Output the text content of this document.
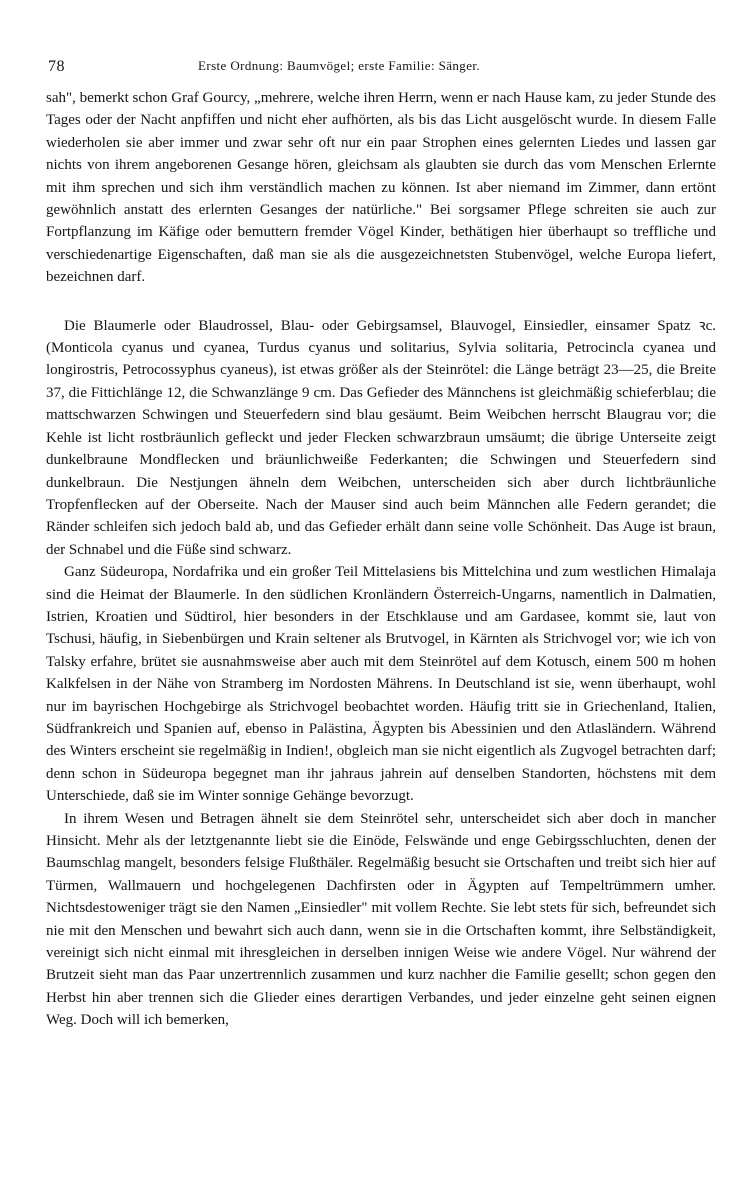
78	Erste Ordnung: Baumvögel; erste Familie: Sänger.

sah", bemerkt schon Graf Gourcy, „mehrere, welche ihren Herrn, wenn er nach Hause kam, zu jeder Stunde des Tages oder der Nacht anpfiffen und nicht eher aufhörten, als bis das Licht ausgelöscht wurde. In diesem Falle wiederholen sie aber immer und zwar sehr oft nur ein paar Strophen eines gelernten Liedes und lassen gar nichts von ihrem angeborenen Gesange hören, gleichsam als glaubten sie durch das vom Menschen Erlernte mit ihm sprechen und sich ihm verständlich machen zu können. Ist aber niemand im Zimmer, dann ertönt gewöhnlich anstatt des erlernten Gesanges der natürliche." Bei sorgsamer Pflege schreiten sie auch zur Fortpflanzung im Käfige oder bemuttern fremder Vögel Kinder, bethätigen hier überhaupt so treffliche und verschiedenartige Eigenschaften, daß man sie als die ausgezeichnetsten Stubenvögel, welche Europa liefert, bezeichnen darf.

Die Blaumerle oder Blaudrossel, Blau- oder Gebirgsamsel, Blauvogel, Einsiedler, einsamer Spatz ꝛc. (Monticola cyanus und cyanea, Turdus cyanus und solitarius, Sylvia solitaria, Petrocincla cyanea und longirostris, Petrocossyphus cyaneus), ist etwas größer als der Steinrötel: die Länge beträgt 23—25, die Breite 37, die Fittichlänge 12, die Schwanzlänge 9 cm. Das Gefieder des Männchens ist gleichmäßig schieferblau; die mattschwarzen Schwingen und Steuerfedern sind blau gesäumt. Beim Weibchen herrscht Blaugrau vor; die Kehle ist licht rostbräunlich gefleckt und jeder Flecken schwarzbraun umsäumt; die übrige Unterseite zeigt dunkelbraune Mondflecken und bräunlichweiße Federkanten; die Schwingen und Steuerfedern sind dunkelbraun. Die Nestjungen ähneln dem Weibchen, unterscheiden sich aber durch lichtbräunliche Tropfenflecken auf der Oberseite. Nach der Mauser sind auch beim Männchen alle Federn gerandet; die Ränder schleifen sich jedoch bald ab, und das Gefieder erhält dann seine volle Schönheit. Das Auge ist braun, der Schnabel und die Füße sind schwarz.

Ganz Südeuropa, Nordafrika und ein großer Teil Mittelasiens bis Mittelchina und zum westlichen Himalaja sind die Heimat der Blaumerle. In den südlichen Kronländern Österreich-Ungarns, namentlich in Dalmatien, Istrien, Kroatien und Südtirol, hier besonders in der Etschklause und am Gardasee, kommt sie, laut von Tschusi, häufig, in Siebenbürgen und Krain seltener als Brutvogel, in Kärnten als Strichvogel vor; wie ich von Talsky erfahre, brütet sie ausnahmsweise aber auch mit dem Steinrötel auf dem Kotusch, einem 500 m hohen Kalkfelsen in der Nähe von Stramberg im Nordosten Mährens. In Deutschland ist sie, wenn überhaupt, wohl nur im bayrischen Hochgebirge als Strichvogel beobachtet worden. Häufig tritt sie in Griechenland, Italien, Südfrankreich und Spanien auf, ebenso in Palästina, Ägypten bis Abessinien und den Atlasländern. Während des Winters erscheint sie regelmäßig in Indien!, obgleich man sie nicht eigentlich als Zugvogel betrachten darf; denn schon in Südeuropa begegnet man ihr jahraus jahrein auf denselben Standorten, höchstens mit dem Unterschiede, daß sie im Winter sonnige Gehänge bevorzugt.

In ihrem Wesen und Betragen ähnelt sie dem Steinrötel sehr, unterscheidet sich aber doch in mancher Hinsicht. Mehr als der letztgenannte liebt sie die Einöde, Felswände und enge Gebirgsschluchten, denen der Baumschlag mangelt, besonders felsige Flußthäler. Regelmäßig besucht sie Ortschaften und treibt sich hier auf Türmen, Wallmauern und hochgelegenen Dachfirsten oder in Ägypten auf Tempeltrümmern umher. Nichtsdestoweniger trägt sie den Namen „Einsiedler" mit vollem Rechte. Sie lebt stets für sich, befreundet sich nie mit den Menschen und bewahrt sich auch dann, wenn sie in die Ortschaften kommt, ihre Selbständigkeit, vereinigt sich nicht einmal mit ihresgleichen in derselben innigen Weise wie andere Vögel. Nur während der Brutzeit sieht man das Paar unzertrennlich zusammen und kurz nachher die Familie gesellt; schon gegen den Herbst hin aber trennen sich die Glieder eines derartigen Verbandes, und jeder einzelne geht seinen eignen Weg. Doch will ich bemerken,
